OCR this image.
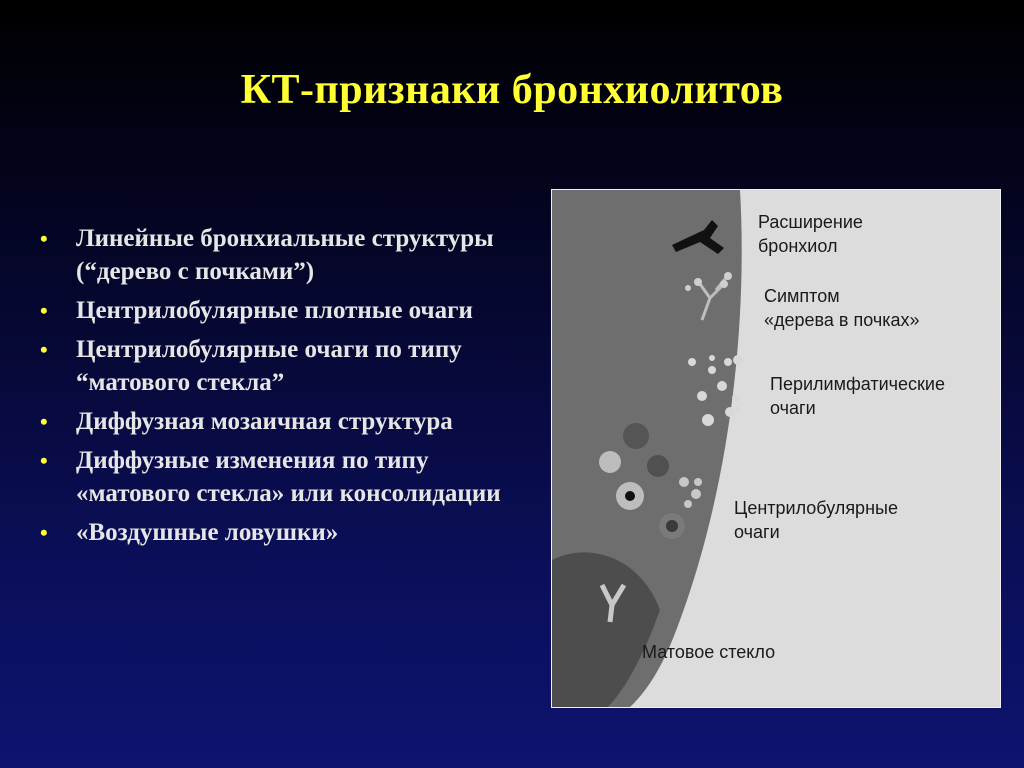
КТ-признаки бронхиолитов
• Линейные бронхиальные структуры (“дерево с почками”)
• Центрилобулярные плотные очаги
• Центрилобулярные очаги по типу “матового стекла”
• Диффузная мозаичная структура
• Диффузные изменения по типу «матового стекла» или консолидации
• «Воздушные ловушки»
Расширение
бронхиол
Симптом
«дерева в почках»
Перилимфатические
очаги
Центрилобулярные
очаги
Матовое стекло
